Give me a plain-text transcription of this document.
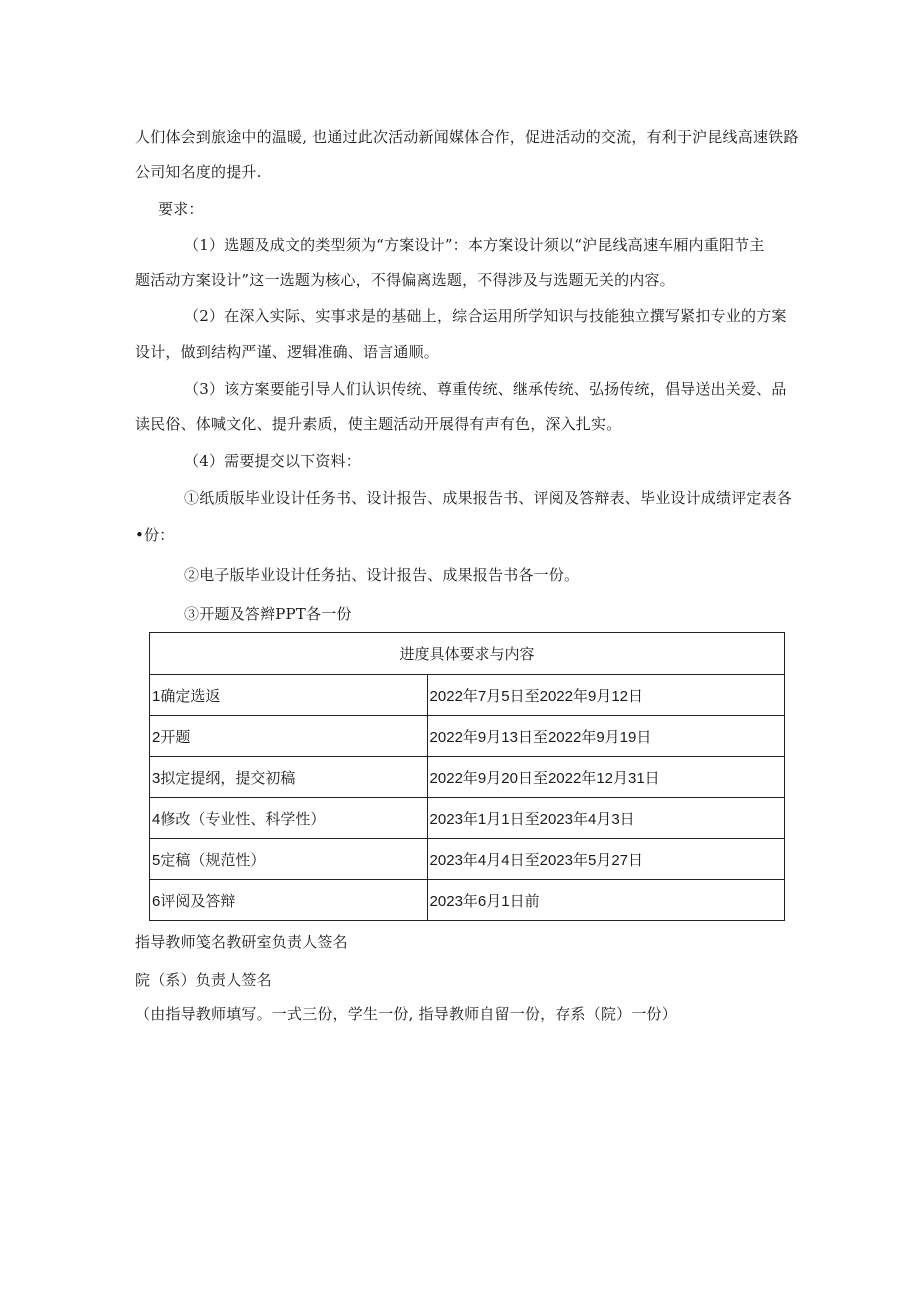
人们体会到旅途中的温暖, 也通过此次活动新闻媒体合作，促进活动的交流，有利于沪昆线高速铁路
公司知名度的提升.
要求：
（1）选题及成文的类型须为“方案设计”：本方案设计须以“沪昆线高速车厢内重阳节主
题活动方案设计”这一选题为核心，不得偏离选题，不得涉及与选题无关的内容。
（2）在深入实际、实事求是的基础上，综合运用所学知识与技能独立撰写紧扣专业的方案
设计，做到结构严谨、逻辑准确、语言通顺。
（3）该方案要能引导人们认识传统、尊重传统、继承传统、弘扬传统，倡导送出关爱、品
读民俗、体喊文化、提升素质，使主题活动开展得有声有色，深入扎实。
（4）需要提交以下资料：
①纸质版毕业设计任务书、设计报告、成果报告书、评阅及答辩表、毕业设计成绩评定表各
•份：
②电子版毕业设计任务拈、设计报告、成果报告书各一份。
③开题及答辫PPT各一份
进度具体要求与内容	
1确定选返	2022年7月5日至2022年9月12日
2开题	2022年9月13日至2022年9月19日
3拟定提纲，提交初稿	2022年9月20日至2022年12月31日
4修改（专业性、科学性）	2023年1月1日至2023年4月3日
5定稿（规范性）	2023年4月4日至2023年5月27日
6评阅及答辩	2023年6月1日前
指导教师笺名教研室负责人签名
院（系）负责人签名
（由指导教师填写。一式三份，学生一份, 指导教师自留一份，存系（院）一份）
